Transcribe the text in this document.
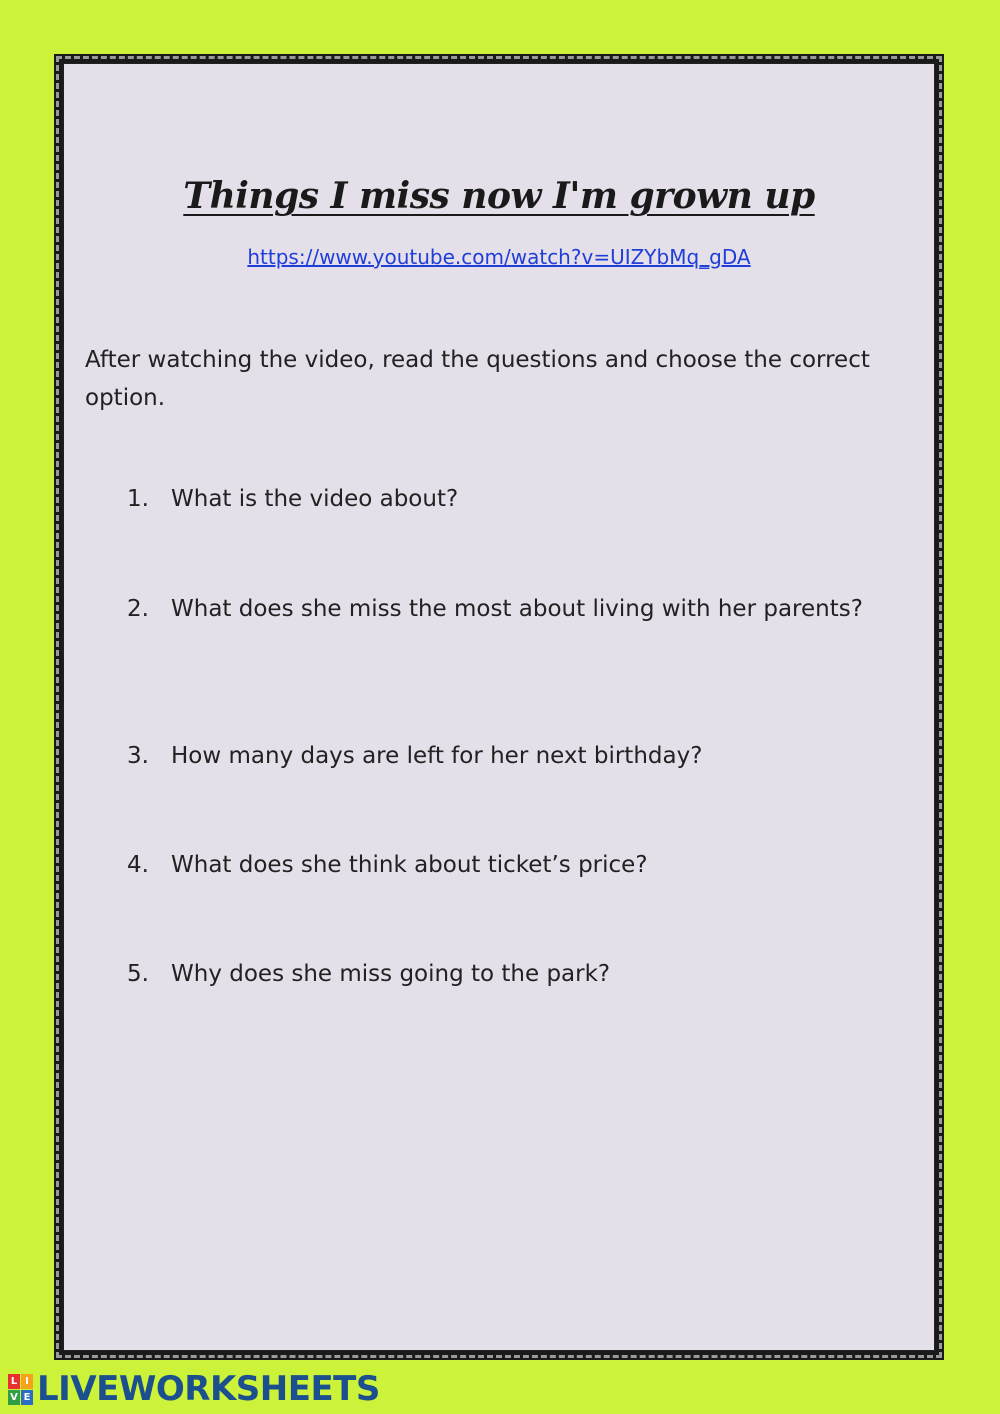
Things I miss now I'm grown up
https://www.youtube.com/watch?v=UIZYbMq_gDA
After watching the video, read the questions and choose the correct option.
1. What is the video about?
2. What does she miss the most about living with her parents?
3. How many days are left for her next birthday?
4. What does she think about ticket’s price?
5. Why does she miss going to the park?
L I
V E LIVEWORKSHEETS
